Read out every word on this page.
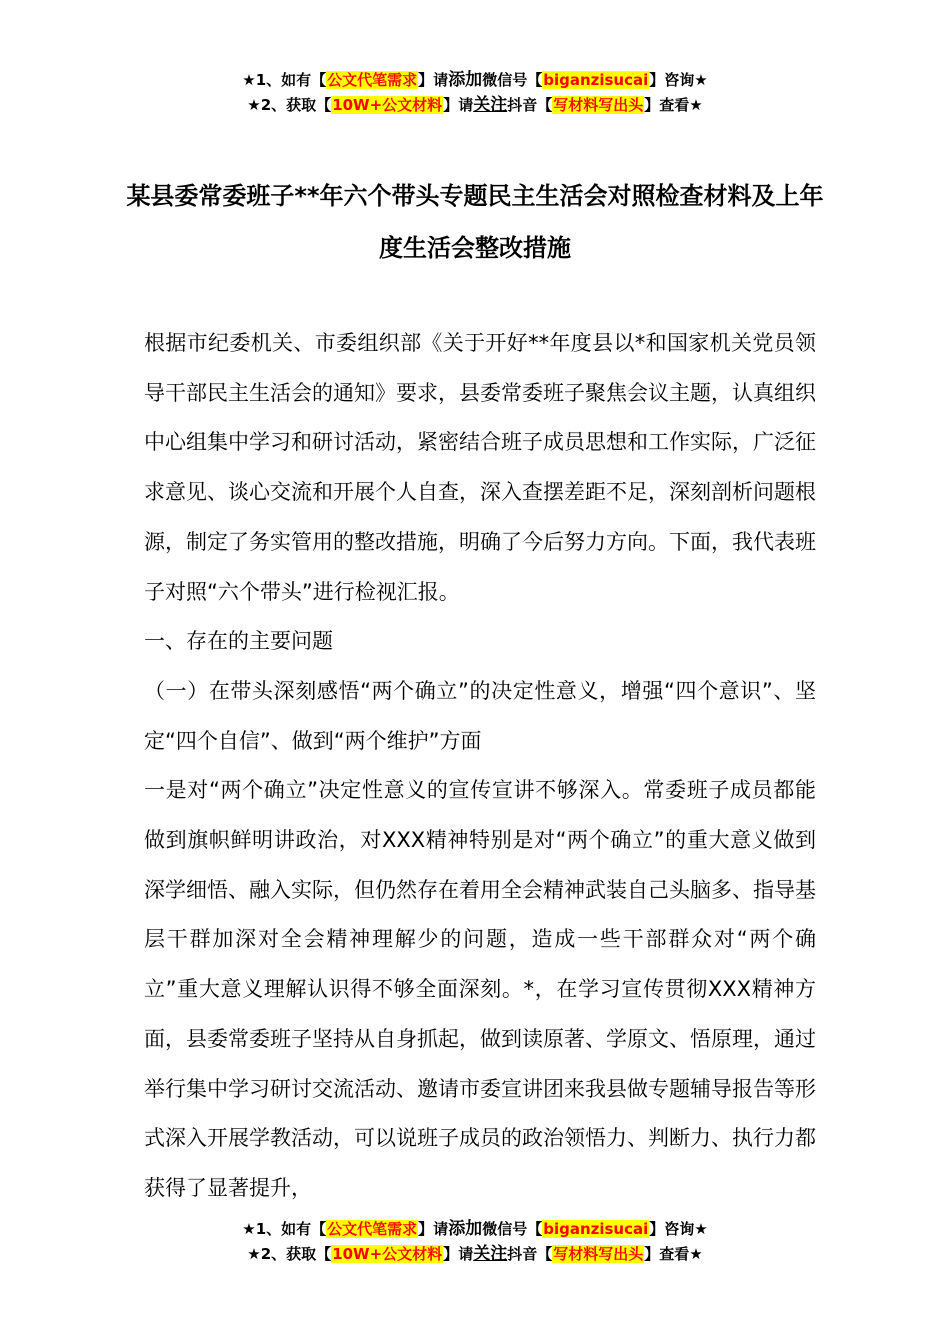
★1、如有【公文代笔需求】请添加微信号【biganzisucai】咨询★
★2、获取【10W+公文材料】请关注抖音【写材料写出头】查看★
某县委常委班子**年六个带头专题民主生活会对照检查材料及上年度生活会整改措施

根据市纪委机关、市委组织部《关于开好**年度县以*和国家机关党员领导干部民主生活会的通知》要求，县委常委班子聚焦会议主题，认真组织中心组集中学习和研讨活动，紧密结合班子成员思想和工作实际，广泛征求意见、谈心交流和开展个人自查，深入查摆差距不足，深刻剖析问题根源，制定了务实管用的整改措施，明确了今后努力方向。下面，我代表班子对照“六个带头”进行检视汇报。

一、存在的主要问题

（一）在带头深刻感悟“两个确立”的决定性意义，增强“四个意识”、坚定“四个自信”、做到“两个维护”方面

一是对“两个确立”决定性意义的宣传宣讲不够深入。常委班子成员都能做到旗帜鲜明讲政治，对XXX精神特别是对“两个确立”的重大意义做到深学细悟、融入实际，但仍然存在着用全会精神武装自己头脑多、指导基层干群加深对全会精神理解少的问题，造成一些干部群众对“两个确立”重大意义理解认识得不够全面深刻。*，在学习宣传贯彻XXX精神方面，县委常委班子坚持从自身抓起，做到读原著、学原文、悟原理，通过举行集中学习研讨交流活动、邀请市委宣讲团来我县做专题辅导报告等形式深入开展学教活动，可以说班子成员的政治领悟力、判断力、执行力都获得了显著提升，

★1、如有【公文代笔需求】请添加微信号【biganzisucai】咨询★
★2、获取【10W+公文材料】请关注抖音【写材料写出头】查看★
